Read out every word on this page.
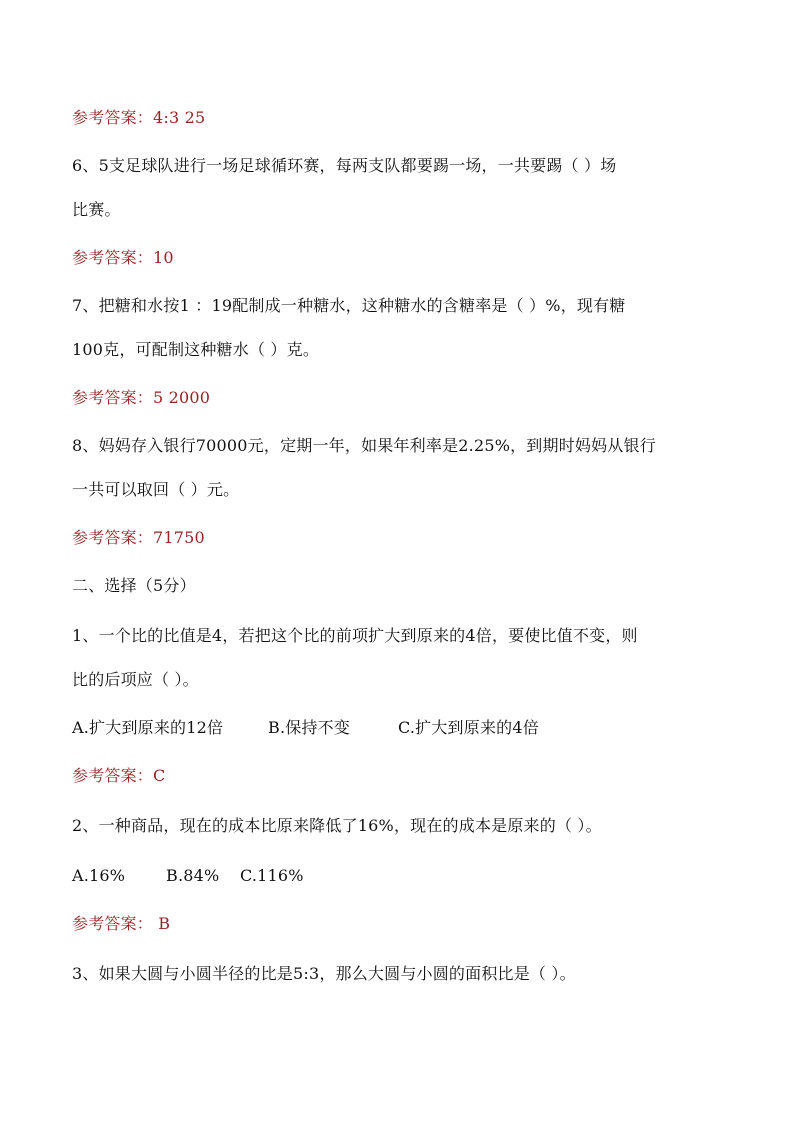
参考答案：4:3 25
6、5支足球队进行一场足球循环赛，每两支队都要踢一场，一共要踢（ ）场
比赛。
参考答案：10
7、把糖和水按1 ：19配制成一种糖水，这种糖水的含糖率是（ ）%，现有糖
100克，可配制这种糖水（ ）克。
参考答案：5 2000
8、妈妈存入银行70000元，定期一年，如果年利率是2.25%，到期时妈妈从银行
一共可以取回（ ）元。
参考答案：71750
二、选择（5分）
1、一个比的比值是4，若把这个比的前项扩大到原来的4倍，要使比值不变，则
比的后项应（ ）。
A.扩大到原来的12倍	B.保持不变	C.扩大到原来的4倍
参考答案：C
2、一种商品，现在的成本比原来降低了16%，现在的成本是原来的（ ）。
A.16%	B.84% C.116%
参考答案： B
3、如果大圆与小圆半径的比是5:3，那么大圆与小圆的面积比是（ ）。
